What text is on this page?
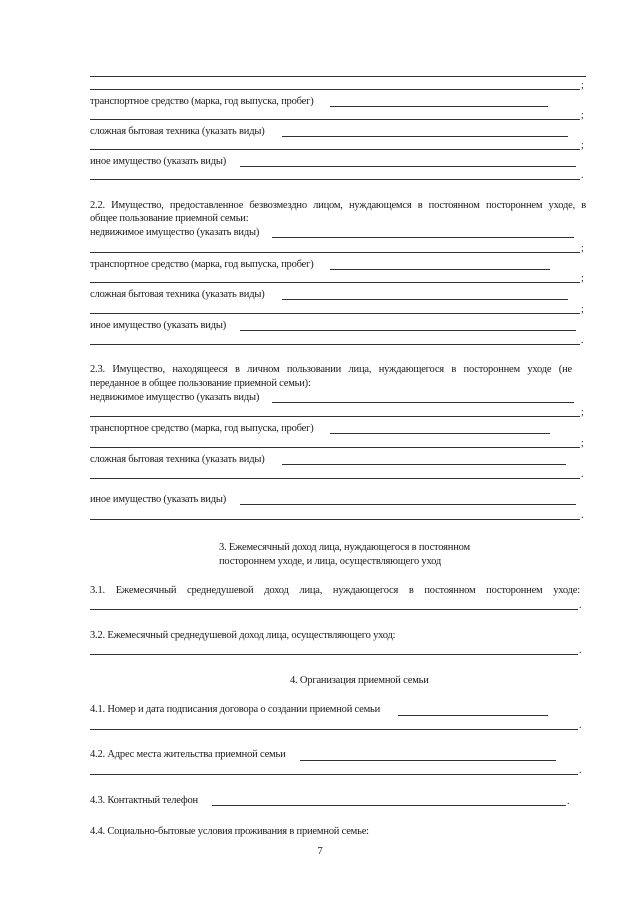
;
транспортное средство (марка, год выпуска, пробег)
;
сложная бытовая техника (указать виды)
;
иное имущество (указать виды)
.
2.2. Имущество, предоставленное безвозмездно лицом, нуждающемся в постоянном постороннем уходе, в
общее пользование приемной семьи:
недвижимое имущество (указать виды)
;
транспортное средство (марка, год выпуска, пробег)
;
сложная бытовая техника (указать виды)
;
иное имущество (указать виды)
.
2.3. Имущество, находящееся в личном пользовании лица, нуждающегося в постороннем уходе (не
переданное в общее пользование приемной семьи):
недвижимое имущество (указать виды)
;
транспортное средство (марка, год выпуска, пробег)
;
сложная бытовая техника (указать виды)
.
иное имущество (указать виды)
.
3. Ежемесячный доход лица, нуждающегося в постоянном
постороннем уходе, и лица, осуществляющего уход
3.1. Ежемесячный среднедушевой доход лица, нуждающегося в постоянном постороннем уходе:
.
3.2. Ежемесячный среднедушевой доход лица, осуществляющего уход:
.
4. Организация приемной семьи
4.1. Номер и дата подписания договора о создании приемной семьи
.
4.2. Адрес места жительства приемной семьи
.
4.3. Контактный телефон	.
4.4. Социально-бытовые условия проживания в приемной семье:
7
